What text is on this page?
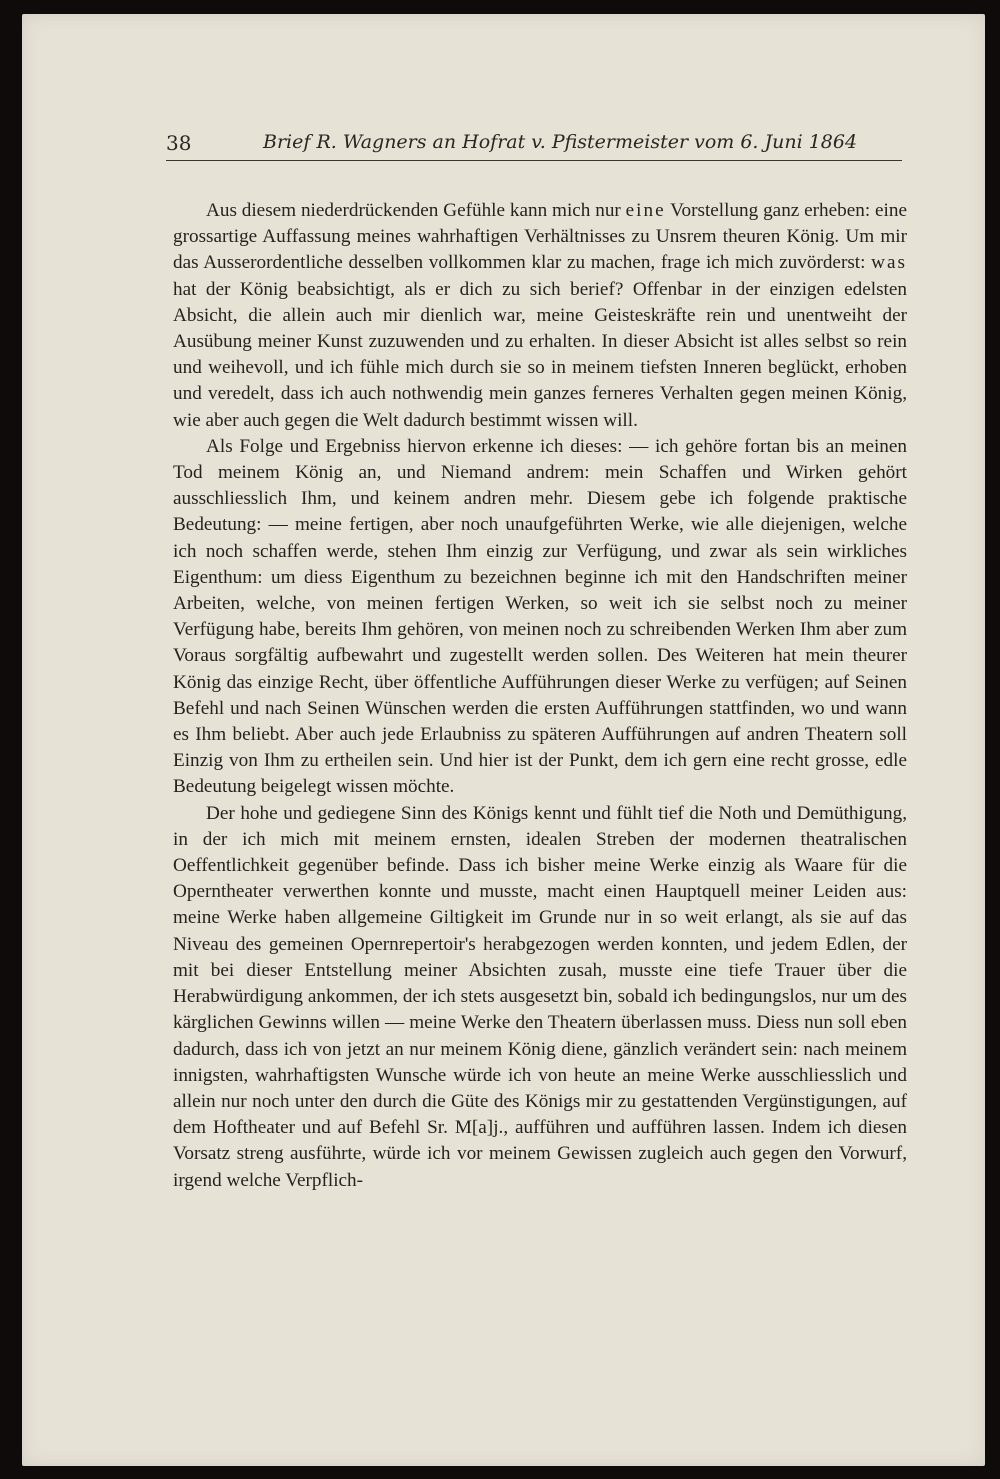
38	Brief R. Wagners an Hofrat v. Pfistermeister vom 6. Juni 1864

Aus diesem niederdrückenden Gefühle kann mich nur eine Vorstellung ganz erheben: eine grossartige Auffassung meines wahrhaftigen Verhältnisses zu Unsrem theuren König. Um mir das Ausserordentliche desselben vollkommen klar zu machen, frage ich mich zuvörderst: was hat der König beabsichtigt, als er dich zu sich berief? Offenbar in der einzigen edelsten Absicht, die allein auch mir dienlich war, meine Geisteskräfte rein und unentweiht der Ausübung meiner Kunst zuzuwenden und zu erhalten. In dieser Absicht ist alles selbst so rein und weihevoll, und ich fühle mich durch sie so in meinem tiefsten Inneren beglückt, erhoben und veredelt, dass ich auch nothwendig mein ganzes ferneres Verhalten gegen meinen König, wie aber auch gegen die Welt dadurch bestimmt wissen will.

Als Folge und Ergebniss hiervon erkenne ich dieses: — ich gehöre fortan bis an meinen Tod meinem König an, und Niemand andrem: mein Schaffen und Wirken gehört ausschliesslich Ihm, und keinem andren mehr. Diesem gebe ich folgende praktische Bedeutung: — meine fertigen, aber noch unaufgeführten Werke, wie alle diejenigen, welche ich noch schaffen werde, stehen Ihm einzig zur Verfügung, und zwar als sein wirkliches Eigenthum: um diess Eigenthum zu bezeichnen beginne ich mit den Handschriften meiner Arbeiten, welche, von meinen fertigen Werken, so weit ich sie selbst noch zu meiner Verfügung habe, bereits Ihm gehören, von meinen noch zu schreibenden Werken Ihm aber zum Voraus sorgfältig aufbewahrt und zugestellt werden sollen. Des Weiteren hat mein theurer König das einzige Recht, über öffentliche Aufführungen dieser Werke zu verfügen; auf Seinen Befehl und nach Seinen Wünschen werden die ersten Aufführungen stattfinden, wo und wann es Ihm beliebt. Aber auch jede Erlaubniss zu späteren Aufführungen auf andren Theatern soll Einzig von Ihm zu ertheilen sein. Und hier ist der Punkt, dem ich gern eine recht grosse, edle Bedeutung beigelegt wissen möchte.

Der hohe und gediegene Sinn des Königs kennt und fühlt tief die Noth und Demüthigung, in der ich mich mit meinem ernsten, idealen Streben der modernen theatralischen Oeffentlichkeit gegenüber befinde. Dass ich bisher meine Werke einzig als Waare für die Operntheater verwerthen konnte und musste, macht einen Hauptquell meiner Leiden aus: meine Werke haben allgemeine Giltigkeit im Grunde nur in so weit erlangt, als sie auf das Niveau des gemeinen Opernrepertoir's herabgezogen werden konnten, und jedem Edlen, der mit bei dieser Entstellung meiner Absichten zusah, musste eine tiefe Trauer über die Herabwürdigung ankommen, der ich stets ausgesetzt bin, sobald ich bedingungslos, nur um des kärglichen Gewinns willen — meine Werke den Theatern überlassen muss. Diess nun soll eben dadurch, dass ich von jetzt an nur meinem König diene, gänzlich verändert sein: nach meinem innigsten, wahrhaftigsten Wunsche würde ich von heute an meine Werke ausschliesslich und allein nur noch unter den durch die Güte des Königs mir zu gestattenden Vergünstigungen, auf dem Hoftheater und auf Befehl Sr. M[a]j., aufführen und aufführen lassen. Indem ich diesen Vorsatz streng ausführte, würde ich vor meinem Gewissen zugleich auch gegen den Vorwurf, irgend welche Verpflich-
